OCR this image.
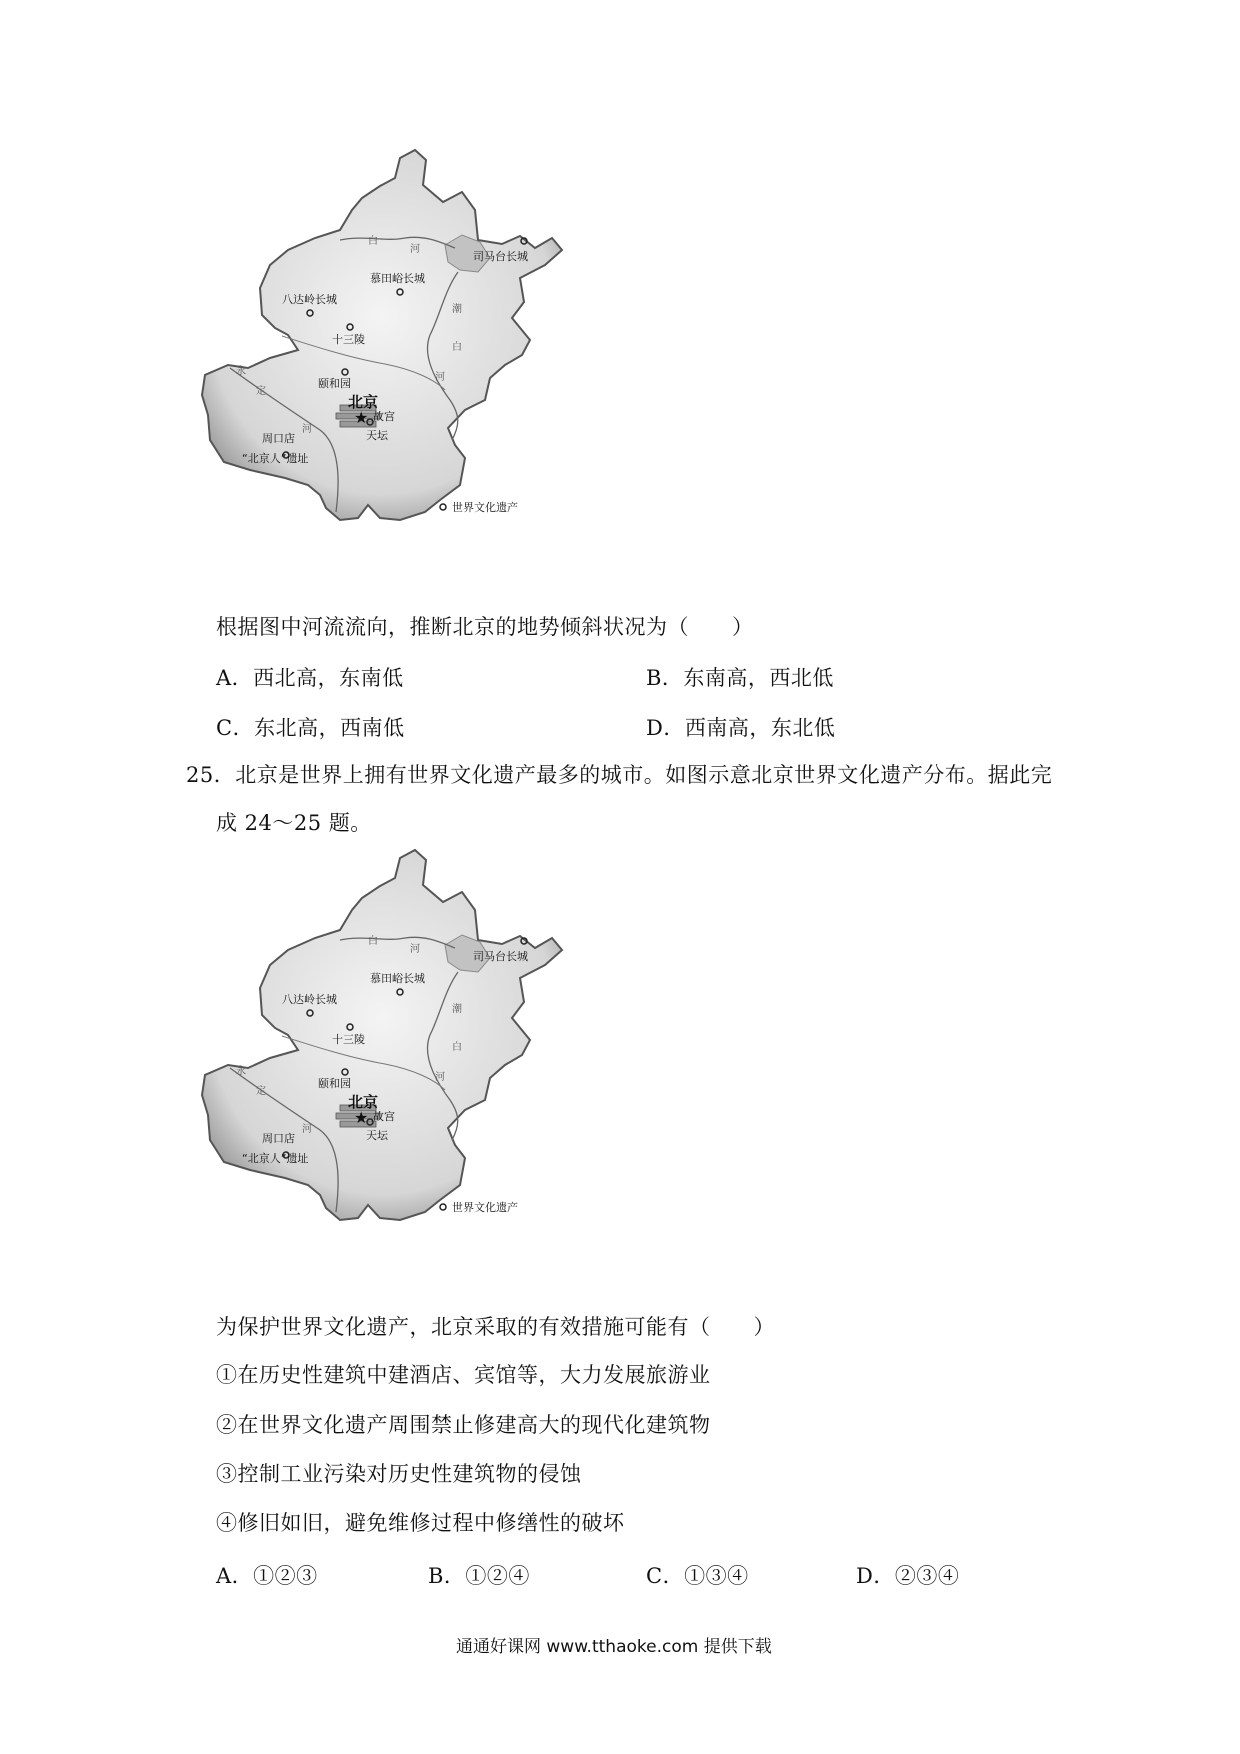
★
司马台长城
慕田峪长城
八达岭长城
十三陵
颐和园
北京
故宫
天坛
周口店
“北京人”遗址
世界文化遗产
白
河
潮
白
河
永
定
河
根据图中河流流向，推断北京的地势倾斜状况为（　　）
A．西北高，东南低	B．东南高，西北低
C．东北高，西南低	D．西南高，东北低
25．北京是世界上拥有世界文化遗产最多的城市。如图示意北京世界文化遗产分布。据此完
成 24～25 题。
★
司马台长城
慕田峪长城
八达岭长城
十三陵
颐和园
北京
故宫
天坛
周口店
“北京人”遗址
世界文化遗产
白
河
潮
白
河
永
定
河
为保护世界文化遗产，北京采取的有效措施可能有（　　）
①在历史性建筑中建酒店、宾馆等，大力发展旅游业
②在世界文化遗产周围禁止修建高大的现代化建筑物
③控制工业污染对历史性建筑物的侵蚀
④修旧如旧，避免维修过程中修缮性的破坏
A．①②③	B．①②④	C．①③④	D．②③④
通通好课网 www.tthaoke.com 提供下载
